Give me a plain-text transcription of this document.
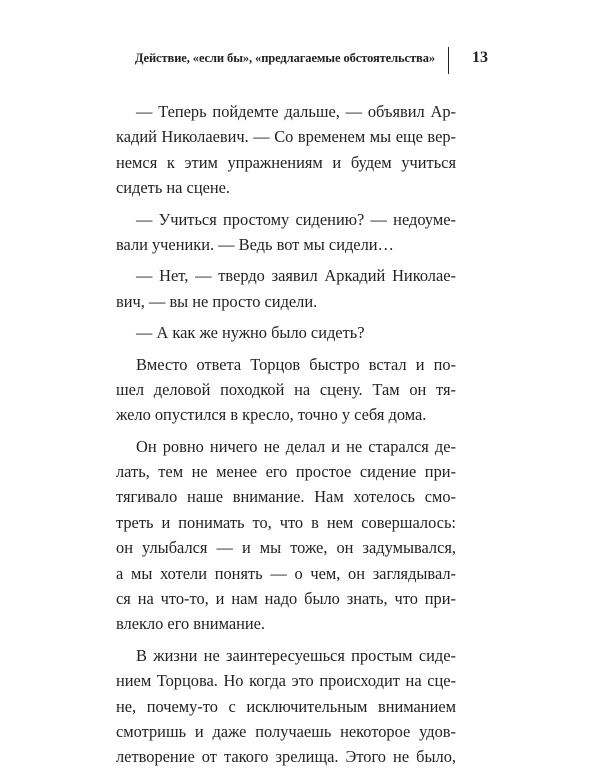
Действие, «если бы», «предлагаемые обстоятельства» 13

— Теперь пойдемте дальше, — объявил Ар-
кадий Николаевич. — Со временем мы еще вер-
немся к этим упражнениям и будем учиться
сидеть на сцене.

— Учиться простому сидению? — недоуме-
вали ученики. — Ведь вот мы сидели…

— Нет, — твердо заявил Аркадий Николае-
вич, — вы не просто сидели.

— А как же нужно было сидеть?

Вместо ответа Торцов быстро встал и по-
шел деловой походкой на сцену. Там он тя-
жело опустился в кресло, точно у себя дома.

Он ровно ничего не делал и не старался де-
лать, тем не менее его простое сидение при-
тягивало наше внимание. Нам хотелось смо-
треть и понимать то, что в нем совершалось:
он улыбался — и мы тоже, он задумывался,
а мы хотели понять — о чем, он заглядывал-
ся на что-то, и нам надо было знать, что при-
влекло его внимание.

В жизни не заинтересуешься простым сиде-
нием Торцова. Но когда это происходит на сце-
не, почему-то с исключительным вниманием
смотришь и даже получаешь некоторое удов-
летворение от такого зрелища. Этого не было,
